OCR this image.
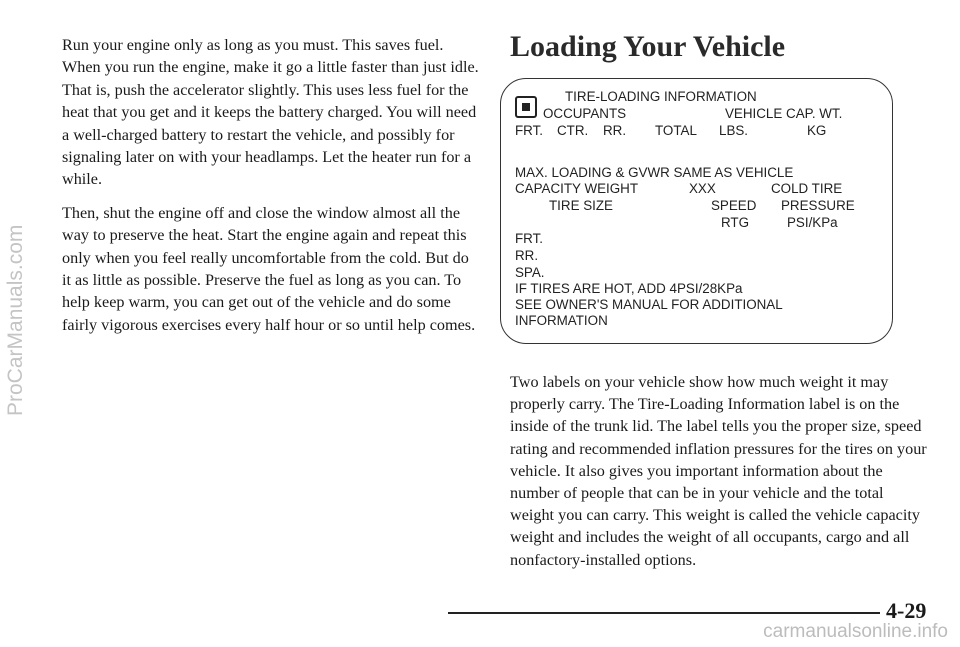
ProCarManuals.com

Run your engine only as long as you must. This saves fuel. When you run the engine, make it go a little faster than just idle. That is, push the accelerator slightly. This uses less fuel for the heat that you get and it keeps the battery charged. You will need a well-charged battery to restart the vehicle, and possibly for signaling later on with your headlamps. Let the heater run for a while.

Then, shut the engine off and close the window almost all the way to preserve the heat. Start the engine again and repeat this only when you feel really uncomfortable from the cold. But do it as little as possible. Preserve the fuel as long as you can. To help keep warm, you can get out of the vehicle and do some fairly vigorous exercises every half hour or so until help comes.

Loading Your Vehicle
TIRE-LOADING INFORMATION
OCCUPANTS	VEHICLE CAP. WT.
FRT. CTR. RR. TOTAL LBS.	KG
MAX. LOADING & GVWR SAME AS VEHICLE
CAPACITY WEIGHT	XXX	COLD TIRE
TIRE SIZE	SPEED PRESSURE
RTG	PSI/KPa
FRT.
RR.
SPA.
IF TIRES ARE HOT, ADD 4PSI/28KPa
SEE OWNER'S MANUAL FOR ADDITIONAL
INFORMATION

Two labels on your vehicle show how much weight it may properly carry. The Tire-Loading Information label is on the inside of the trunk lid. The label tells you the proper size, speed rating and recommended inflation pressures for the tires on your vehicle. It also gives you important information about the number of people that can be in your vehicle and the total weight you can carry. This weight is called the vehicle capacity weight and includes the weight of all occupants, cargo and all nonfactory-installed options.

4-29
carmanualsonline.info
